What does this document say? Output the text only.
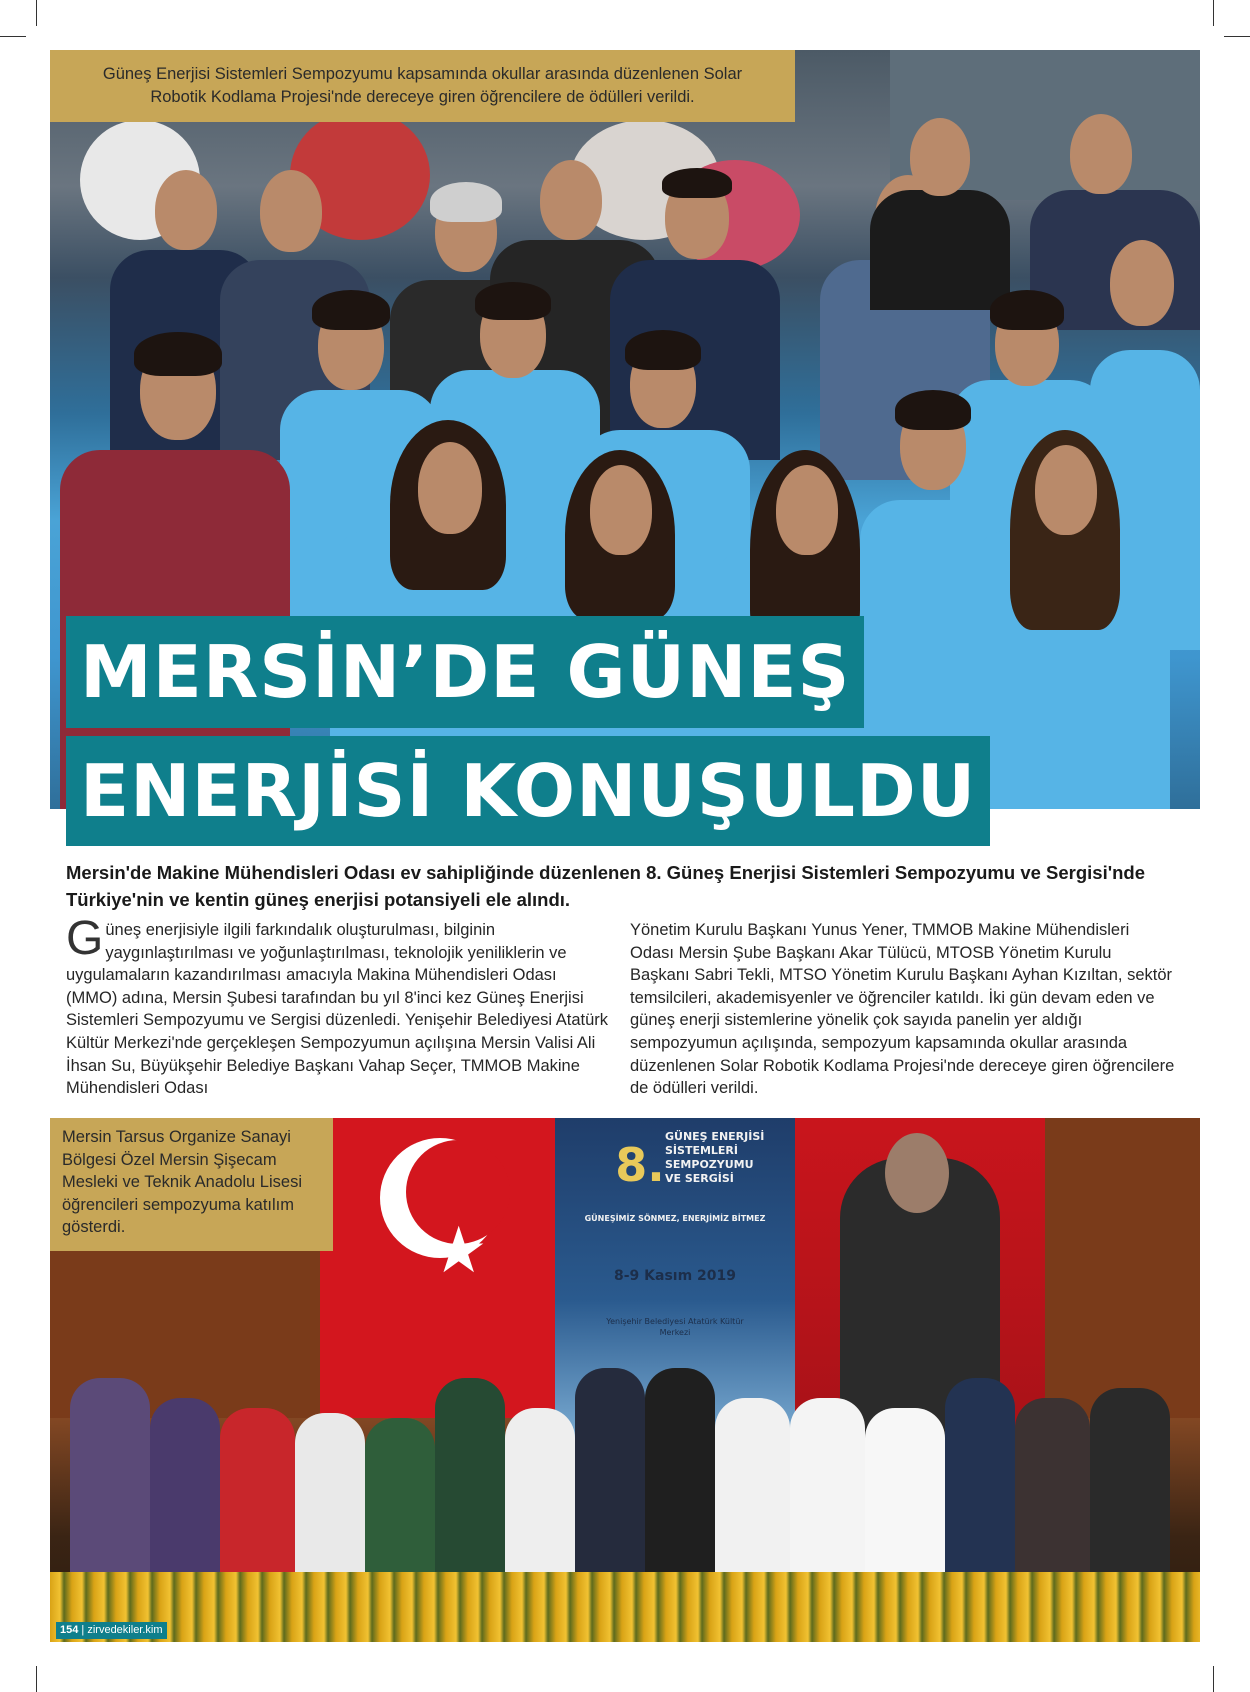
Güneş Enerjisi Sistemleri Sempozyumu kapsamında okullar arasında düzenlenen Solar Robotik Kodlama Projesi'nde dereceye giren öğrencilere de ödülleri verildi.
MERSİN’DE GÜNEŞ
ENERJİSİ KONUŞULDU
Mersin'de Makine Mühendisleri Odası ev sahipliğinde düzenlenen 8. Güneş Enerjisi Sistemleri Sempozyumu ve Sergisi'nde Türkiye'nin ve kentin güneş enerjisi potansiyeli ele alındı.
Güneş enerjisiyle ilgili farkındalık oluşturulması, bilginin yaygınlaştırılması ve yoğunlaştırılması, teknolojik yeniliklerin ve uygulamaların kazandırılması amacıyla Makina Mühendisleri Odası (MMO) adına, Mersin Şubesi tarafından bu yıl 8'inci kez Güneş Enerjisi Sistemleri Sempozyumu ve Sergisi düzenledi. Yenişehir Belediyesi Atatürk Kültür Merkezi'nde gerçekleşen Sempozyumun açılışına Mersin Valisi Ali İhsan Su, Büyükşehir Belediye Başkanı Vahap Seçer, TMMOB Makine Mühendisleri Odası
Yönetim Kurulu Başkanı Yunus Yener, TMMOB Makine Mühendisleri Odası Mersin Şube Başkanı Akar Tülücü, MTOSB Yönetim Kurulu Başkanı Sabri Tekli, MTSO Yönetim Kurulu Başkanı Ayhan Kızıltan, sektör temsilcileri, akademisyenler ve öğrenciler katıldı. İki gün devam eden ve güneş enerji sistemlerine yönelik çok sayıda panelin yer aldığı sempozyumun açılışında, sempozyum kapsamında okullar arasında düzenlenen Solar Robotik Kodlama Projesi'nde dereceye giren öğrencilere de ödülleri verildi.
★
8.
GÜNEŞ ENERJİSİ SİSTEMLERİ SEMPOZYUMU VE SERGİSİ
GÜNEŞİMİZ SÖNMEZ, ENERJİMİZ BİTMEZ
8-9 Kasım 2019
Yenişehir Belediyesi Atatürk Kültür Merkezi
Mersin Tarsus Organize Sanayi Bölgesi Özel Mersin Şişecam Mesleki ve Teknik Anadolu Lisesi öğrencileri sempozyuma katılım gösterdi.
154 | zirvedekiler.kim
